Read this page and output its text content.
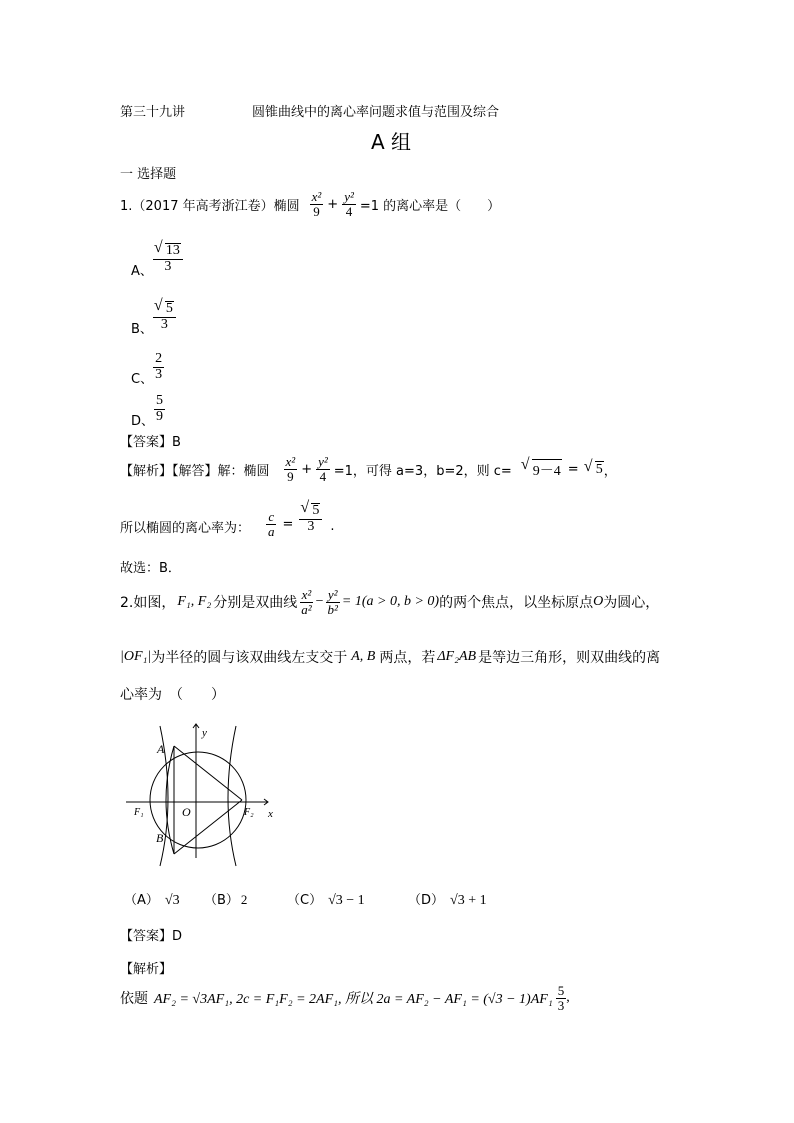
第三十九讲	圆锥曲线中的离心率问题求值与范围及综合
A 组
一 选择题
1.（2017 年高考浙江卷）椭圆 $\frac{\text{x²}}{9} + \frac{\text{y²}}{4} =1$ 的离心率是（　　）
A、 √ $\frac{13}{3}$
B、 √ $\frac{5}{3}$
C、 $\frac{2}{3}$
D、 $\frac{5}{9}$
【答案】B
【解析】【解答】解：椭圆 $\frac{\text{x²}}{9} + \frac{\text{y²}}{4} =1$，可得 a=3，b=2，则 c=	√ 9－4 =	√ 5 ，
所以椭圆的离心率为： $\frac{c}{a}$ = √ $\frac{5}{3}$ .
故选：B．
2.如图， F₁, F₂ 分别是双曲线 $\frac{\text{x²}}{\text{a²}} - \frac{\text{y²}}{\text{b²}} = 1(a > 0$, b > 0) 的两个焦点，以坐标原点 O 为圆心，
|OF₁| 为半径的圆与该双曲线左支交于 A, B 两点，若 ΔF₂AB 是等边三角形，则双曲线的离
心率为　（　　）
A
B
O
F₁	F₂ x
y
（A） √3 （B） 2	（C） √3 − 1	（D） √3 + 1
【答案】D
【解析】
依题 AF₂ = √3AF₁, 2c = F₁F₂ = 2AF₁, 所以 $2a = AF_2 - AF_1 = (√3 - 1)AF_1 \frac{5}{3}$ ,
